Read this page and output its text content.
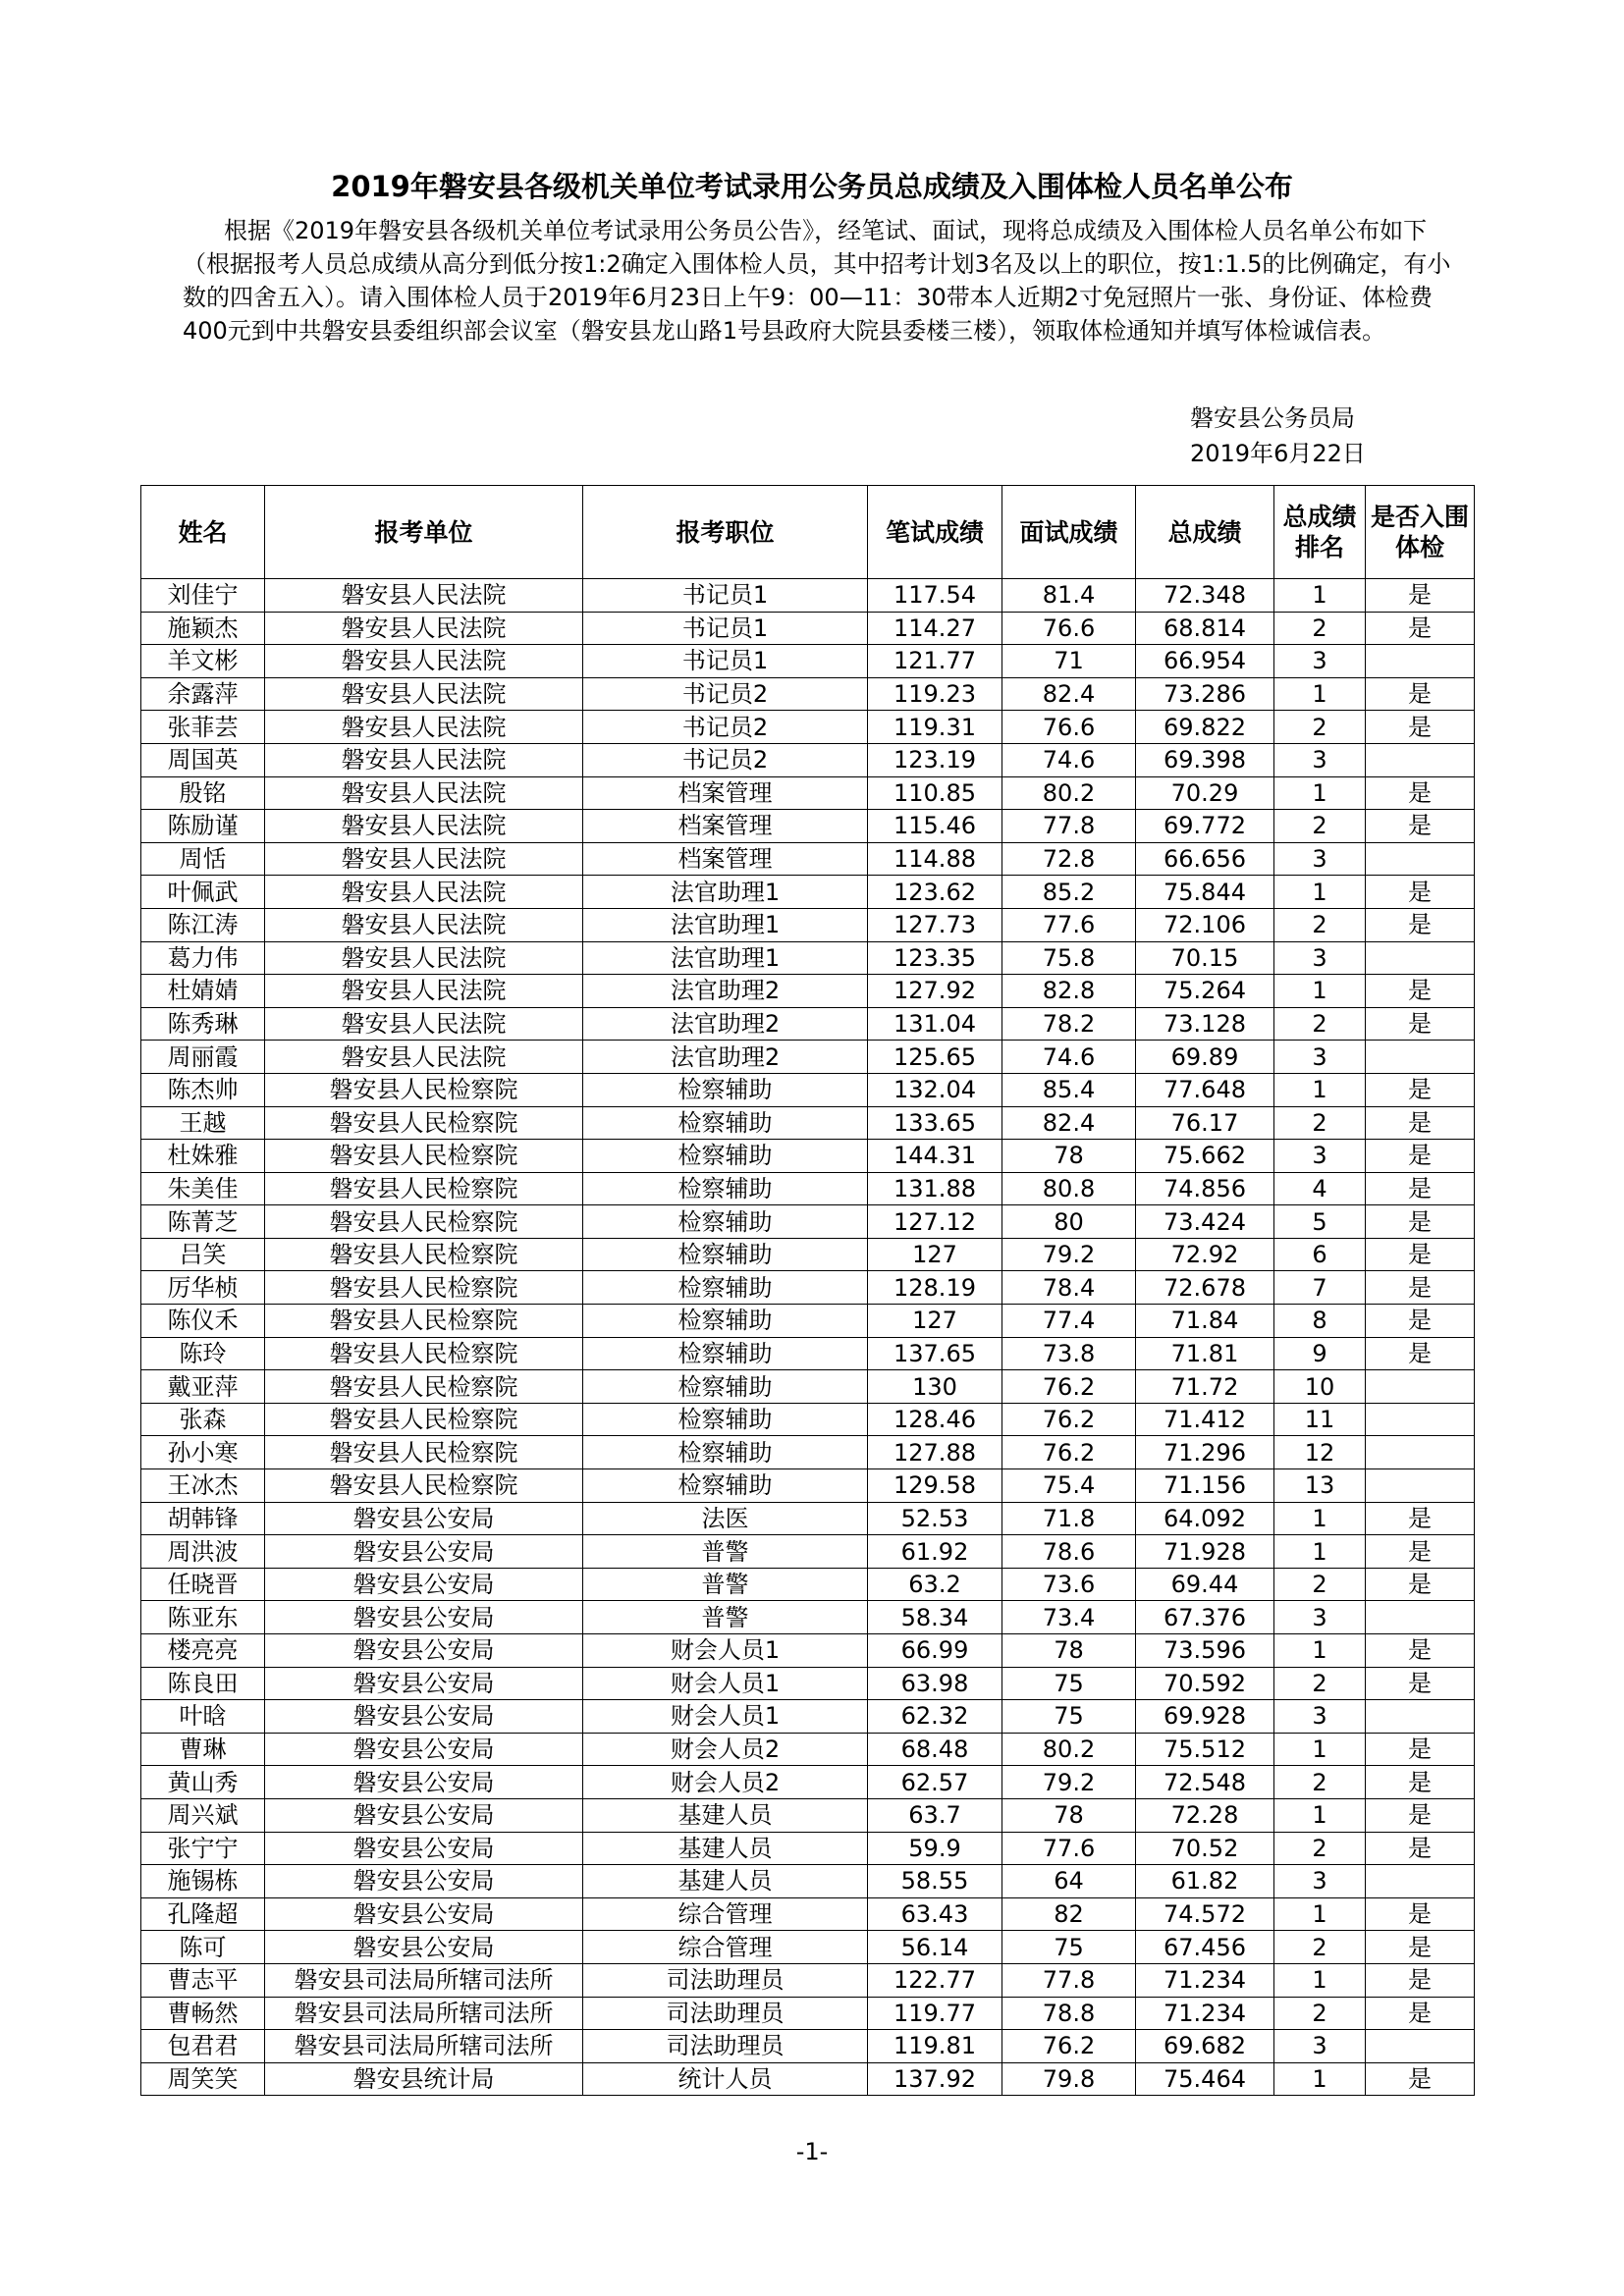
2019年磐安县各级机关单位考试录用公务员总成绩及入围体检人员名单公布

根据《2019年磐安县各级机关单位考试录用公务员公告》，经笔试、面试，现将总成绩及入围体检人员名单公布如下（根据报考人员总成绩从高分到低分按1:2确定入围体检人员，其中招考计划3名及以上的职位，按1:1.5的比例确定，有小数的四舍五入）。请入围体检人员于2019年6月23日上午9：00—11：30带本人近期2寸免冠照片一张、身份证、体检费400元到中共磐安县委组织部会议室（磐安县龙山路1号县政府大院县委楼三楼），领取体检通知并填写体检诚信表。

磐安县公务员局
2019年6月22日
姓名	报考单位	报考职位	笔试成绩	面试成绩	总成绩	总成绩排名	是否入围体检
刘佳宁	磐安县人民法院	书记员1	117.54	81.4	72.348	1	是
施颖杰	磐安县人民法院	书记员1	114.27	76.6	68.814	2	是
羊文彬	磐安县人民法院	书记员1	121.77	71	66.954	3	
余露萍	磐安县人民法院	书记员2	119.23	82.4	73.286	1	是
张菲芸	磐安县人民法院	书记员2	119.31	76.6	69.822	2	是
周国英	磐安县人民法院	书记员2	123.19	74.6	69.398	3	
殷铭	磐安县人民法院	档案管理	110.85	80.2	70.29	1	是
陈励谨	磐安县人民法院	档案管理	115.46	77.8	69.772	2	是
周恬	磐安县人民法院	档案管理	114.88	72.8	66.656	3	
叶佩武	磐安县人民法院	法官助理1	123.62	85.2	75.844	1	是
陈江涛	磐安县人民法院	法官助理1	127.73	77.6	72.106	2	是
葛力伟	磐安县人民法院	法官助理1	123.35	75.8	70.15	3	
杜婧婧	磐安县人民法院	法官助理2	127.92	82.8	75.264	1	是
陈秀琳	磐安县人民法院	法官助理2	131.04	78.2	73.128	2	是
周丽霞	磐安县人民法院	法官助理2	125.65	74.6	69.89	3	
陈杰帅	磐安县人民检察院	检察辅助	132.04	85.4	77.648	1	是
王越	磐安县人民检察院	检察辅助	133.65	82.4	76.17	2	是
杜姝雅	磐安县人民检察院	检察辅助	144.31	78	75.662	3	是
朱美佳	磐安县人民检察院	检察辅助	131.88	80.8	74.856	4	是
陈菁芝	磐安县人民检察院	检察辅助	127.12	80	73.424	5	是
吕笑	磐安县人民检察院	检察辅助	127	79.2	72.92	6	是
厉华桢	磐安县人民检察院	检察辅助	128.19	78.4	72.678	7	是
陈仪禾	磐安县人民检察院	检察辅助	127	77.4	71.84	8	是
陈玲	磐安县人民检察院	检察辅助	137.65	73.8	71.81	9	是
戴亚萍	磐安县人民检察院	检察辅助	130	76.2	71.72	10	
张森	磐安县人民检察院	检察辅助	128.46	76.2	71.412	11	
孙小寒	磐安县人民检察院	检察辅助	127.88	76.2	71.296	12	
王冰杰	磐安县人民检察院	检察辅助	129.58	75.4	71.156	13	
胡韩锋	磐安县公安局	法医	52.53	71.8	64.092	1	是
周洪波	磐安县公安局	普警	61.92	78.6	71.928	1	是
任晓晋	磐安县公安局	普警	63.2	73.6	69.44	2	是
陈亚东	磐安县公安局	普警	58.34	73.4	67.376	3	
楼亮亮	磐安县公安局	财会人员1	66.99	78	73.596	1	是
陈良田	磐安县公安局	财会人员1	63.98	75	70.592	2	是
叶晗	磐安县公安局	财会人员1	62.32	75	69.928	3	
曹琳	磐安县公安局	财会人员2	68.48	80.2	75.512	1	是
黄山秀	磐安县公安局	财会人员2	62.57	79.2	72.548	2	是
周兴斌	磐安县公安局	基建人员	63.7	78	72.28	1	是
张宁宁	磐安县公安局	基建人员	59.9	77.6	70.52	2	是
施锡栋	磐安县公安局	基建人员	58.55	64	61.82	3	
孔隆超	磐安县公安局	综合管理	63.43	82	74.572	1	是
陈可	磐安县公安局	综合管理	56.14	75	67.456	2	是
曹志平	磐安县司法局所辖司法所	司法助理员	122.77	77.8	71.234	1	是
曹畅然	磐安县司法局所辖司法所	司法助理员	119.77	78.8	71.234	2	是
包君君	磐安县司法局所辖司法所	司法助理员	119.81	76.2	69.682	3	
周笑笑	磐安县统计局	统计人员	137.92	79.8	75.464	1	是
-1-
